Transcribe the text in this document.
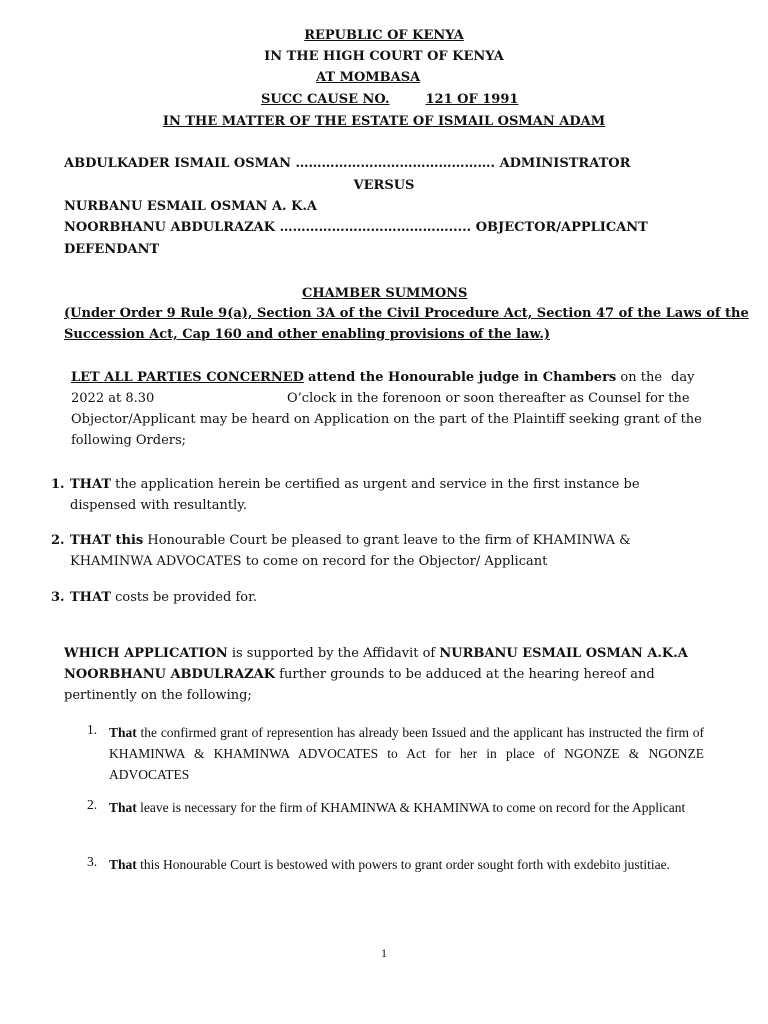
REPUBLIC OF KENYA
IN THE HIGH COURT OF KENYA
AT MOMBASA
SUCC CAUSE NO.	121 OF 1991
IN THE MATTER OF THE ESTATE OF ISMAIL OSMAN ADAM
ABDULKADER ISMAIL OSMAN ………………………………………. ADMINISTRATOR
VERSUS
NURBANU ESMAIL OSMAN A. K.A
NOORBHANU ABDULRAZAK …………………………………..... OBJECTOR/APPLICANT
DEFENDANT
CHAMBER SUMMONS
(Under Order 9 Rule 9(a), Section 3A of the Civil Procedure Act, Section 47 of the Laws of the
Succession Act, Cap 160 and other enabling provisions of the law.)
LET ALL PARTIES CONCERNED attend the Honourable judge in Chambers on the day
2022 at 8.30	O’clock in the forenoon or soon thereafter as Counsel for the
Objector/Applicant may be heard on Application on the part of the Plaintiff seeking grant of the
following Orders;
1. THAT the application herein be certified as urgent and service in the first instance be
dispensed with resultantly.
2. THAT this Honourable Court be pleased to grant leave to the firm of KHAMINWA &
KHAMINWA ADVOCATES to come on record for the Objector/ Applicant
3. THAT costs be provided for.
WHICH APPLICATION is supported by the Affidavit of NURBANU ESMAIL OSMAN A.K.A
NOORBHANU ABDULRAZAK further grounds to be adduced at the hearing hereof and
pertinently on the following;
1. That the confirmed grant of represention has already been Issued and the applicant has instructed the firm of KHAMINWA & KHAMINWA ADVOCATES to Act for her in place of NGONZE & NGONZE ADVOCATES
2. That leave is necessary for the firm of KHAMINWA & KHAMINWA to come on record for the Applicant
3. That this Honourable Court is bestowed with powers to grant order sought forth with exdebito justitiae.
1
